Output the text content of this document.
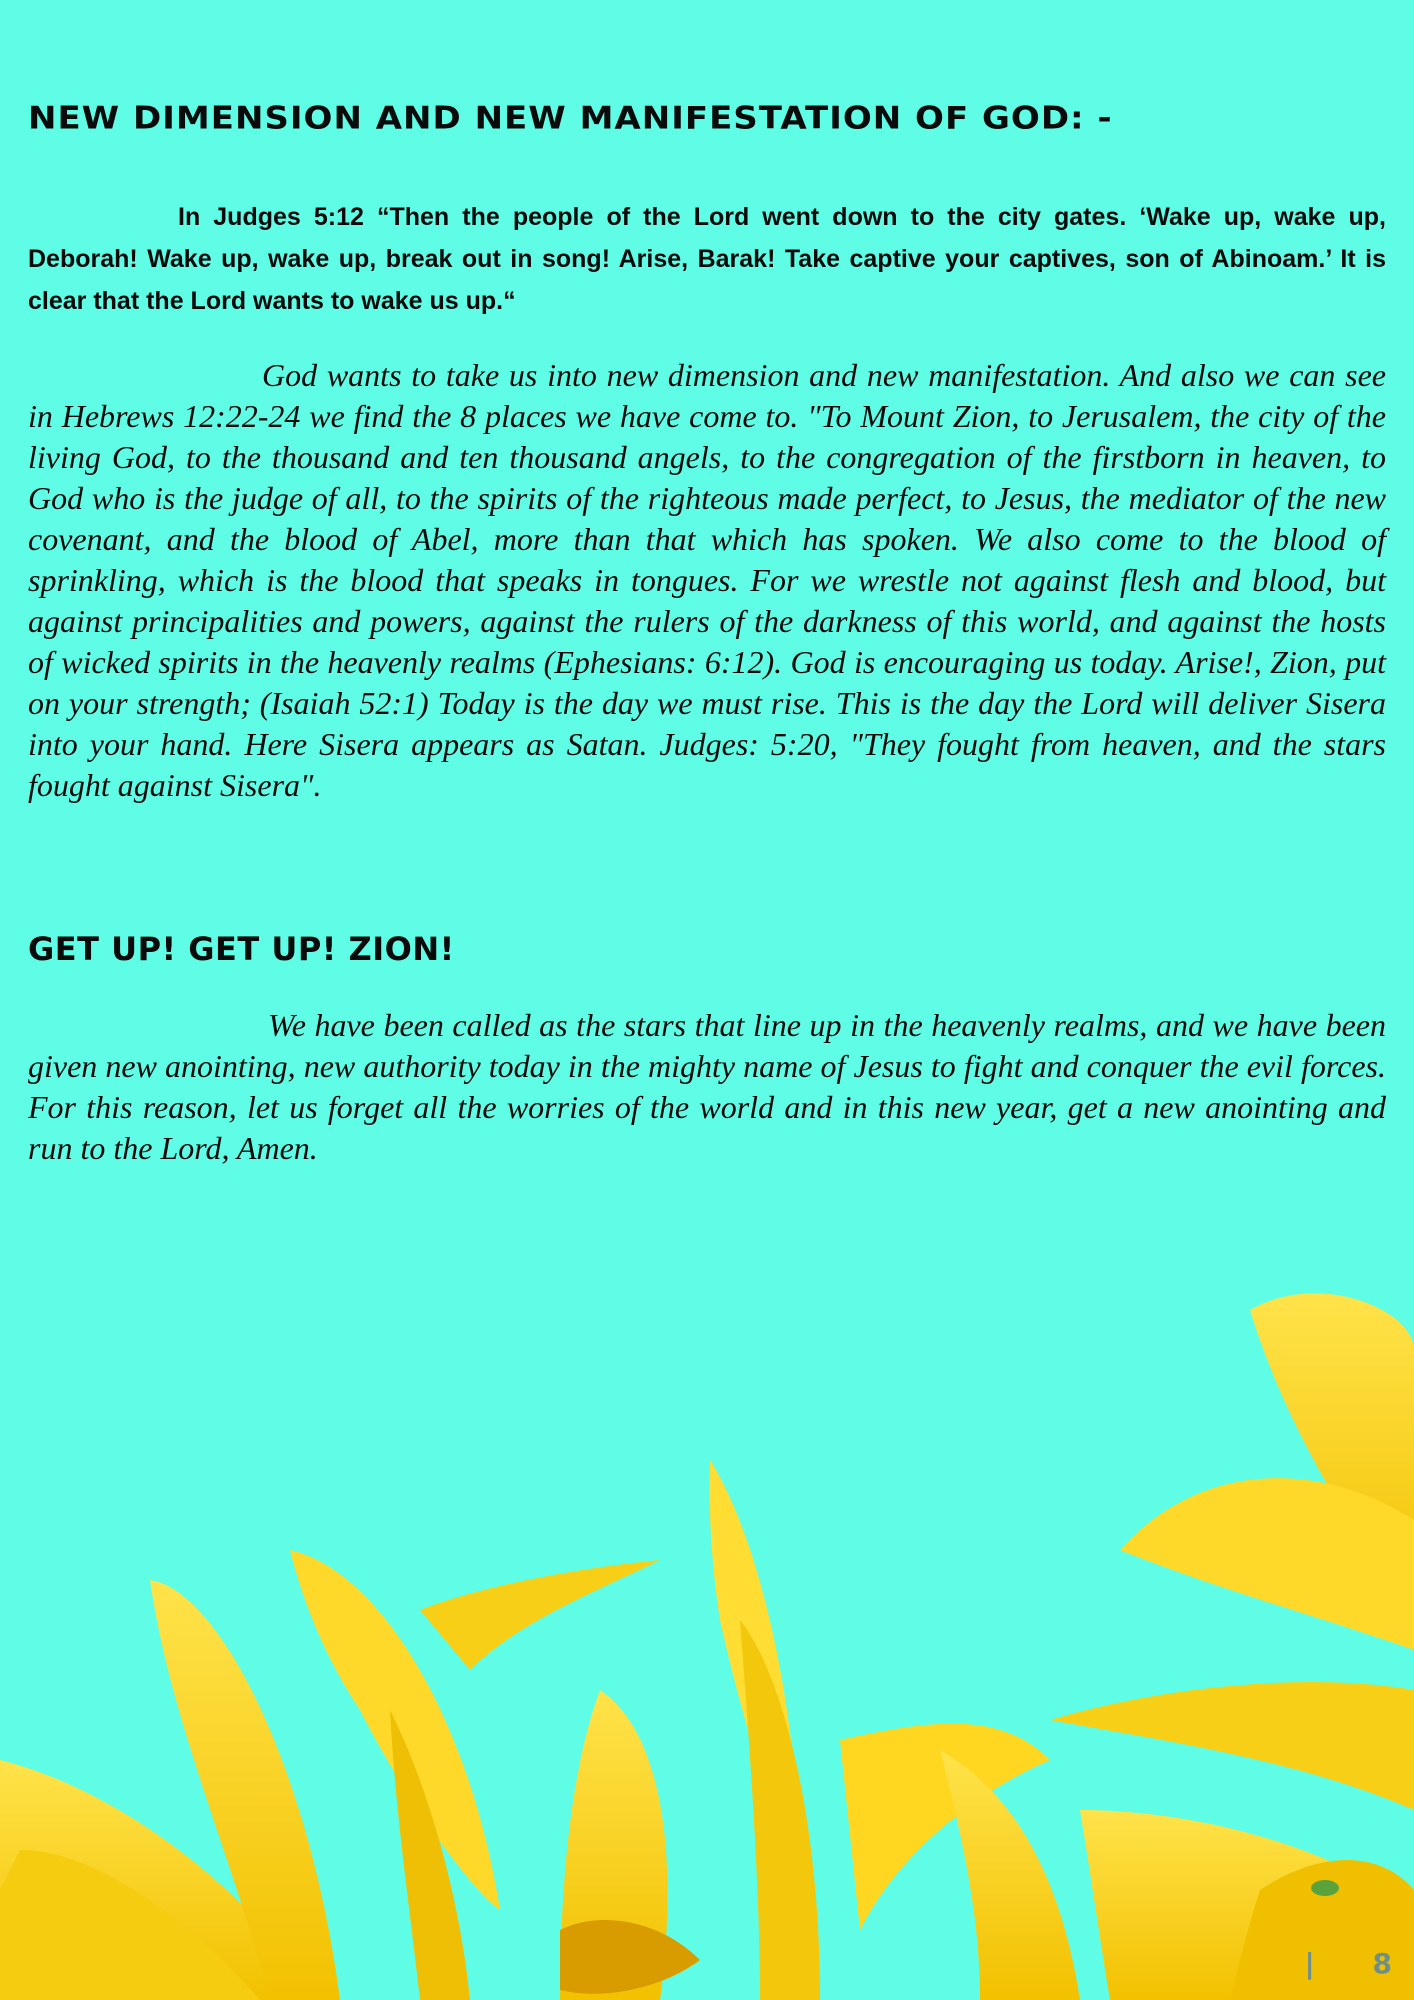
NEW DIMENSION AND NEW MANIFESTATION OF GOD: -

In Judges 5:12 “Then the people of the Lord went down to the city gates. ‘Wake up, wake up, Deborah! Wake up, wake up, break out in song! Arise, Barak! Take captive your captives, son of Abinoam.’ It is clear that the Lord wants to wake us up.“

God wants to take us into new dimension and new manifestation. And also we can see in Hebrews 12:22-24 we find the 8 places we have come to. "To Mount Zion, to Jerusalem, the city of the living God, to the thousand and ten thousand angels, to the congregation of the firstborn in heaven, to God who is the judge of all, to the spirits of the righteous made perfect, to Jesus, the mediator of the new covenant, and the blood of Abel, more than that which has spoken. We also come to the blood of sprinkling, which is the blood that speaks in tongues. For we wrestle not against flesh and blood, but against principalities and powers, against the rulers of the darkness of this world, and against the hosts of wicked spirits in the heavenly realms (Ephesians: 6:12). God is encouraging us today. Arise!, Zion, put on your strength; (Isaiah 52:1) Today is the day we must rise. This is the day the Lord will deliver Sisera into your hand. Here Sisera appears as Satan. Judges: 5:20, "They fought from heaven, and the stars fought against Sisera".

GET UP! GET UP! ZION!

We have been called as the stars that line up in the heavenly realms, and we have been given new anointing, new authority today in the mighty name of Jesus to fight and conquer the evil forces. For this reason, let us forget all the worries of the world and in this new year, get a new anointing and run to the Lord, Amen.

| 8
